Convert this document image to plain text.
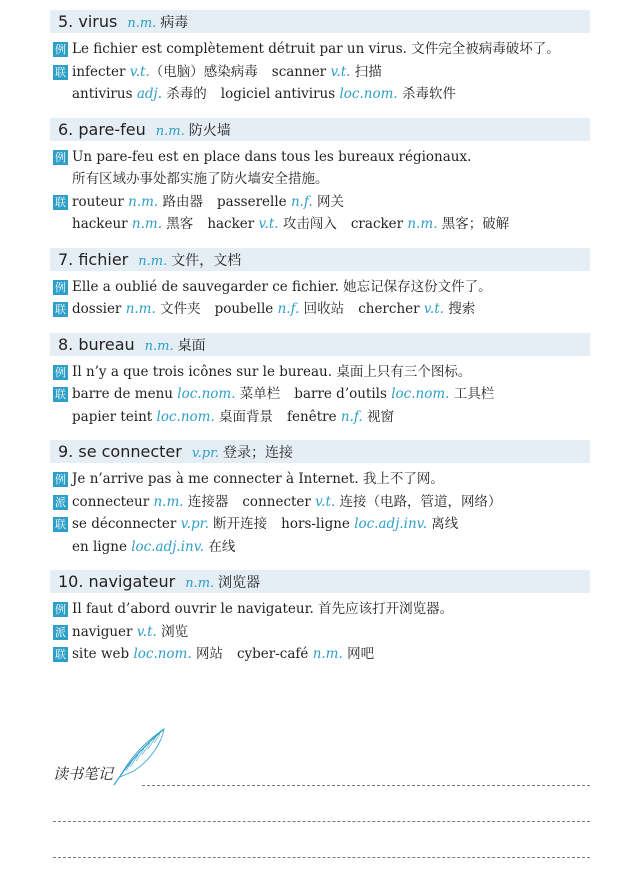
5. virus n.m. 病毒
例 Le fichier est complètement détruit par un virus. 文件完全被病毒破坏了。
联 infecter v.t.（电脑）感染病毒 scanner v.t. 扫描
antivirus adj. 杀毒的 logiciel antivirus loc.nom. 杀毒软件
6. pare-feu n.m. 防火墙
例 Un pare-feu est en place dans tous les bureaux régionaux.
所有区域办事处都实施了防火墙安全措施。
联 routeur n.m. 路由器 passerelle n.f. 网关
hackeur n.m. 黑客 hacker v.t. 攻击闯入 cracker n.m. 黑客；破解
7. fichier n.m. 文件，文档
例 Elle a oublié de sauvegarder ce fichier. 她忘记保存这份文件了。
联 dossier n.m. 文件夹 poubelle n.f. 回收站 chercher v.t. 搜索
8. bureau n.m. 桌面
例 Il n’y a que trois icônes sur le bureau. 桌面上只有三个图标。
联 barre de menu loc.nom. 菜单栏 barre d’outils loc.nom. 工具栏
papier teint loc.nom. 桌面背景 fenêtre n.f. 视窗
9. se connecter v.pr. 登录；连接
例 Je n’arrive pas à me connecter à Internet. 我上不了网。
派 connecteur n.m. 连接器 connecter v.t. 连接（电路，管道，网络）
联 se déconnecter v.pr. 断开连接 hors-ligne loc.adj.inv. 离线
en ligne loc.adj.inv. 在线
10. navigateur n.m. 浏览器
例 Il faut d’abord ouvrir le navigateur. 首先应该打开浏览器。
派 naviguer v.t. 浏览
联 site web loc.nom. 网站 cyber-café n.m. 网吧
读书笔记
